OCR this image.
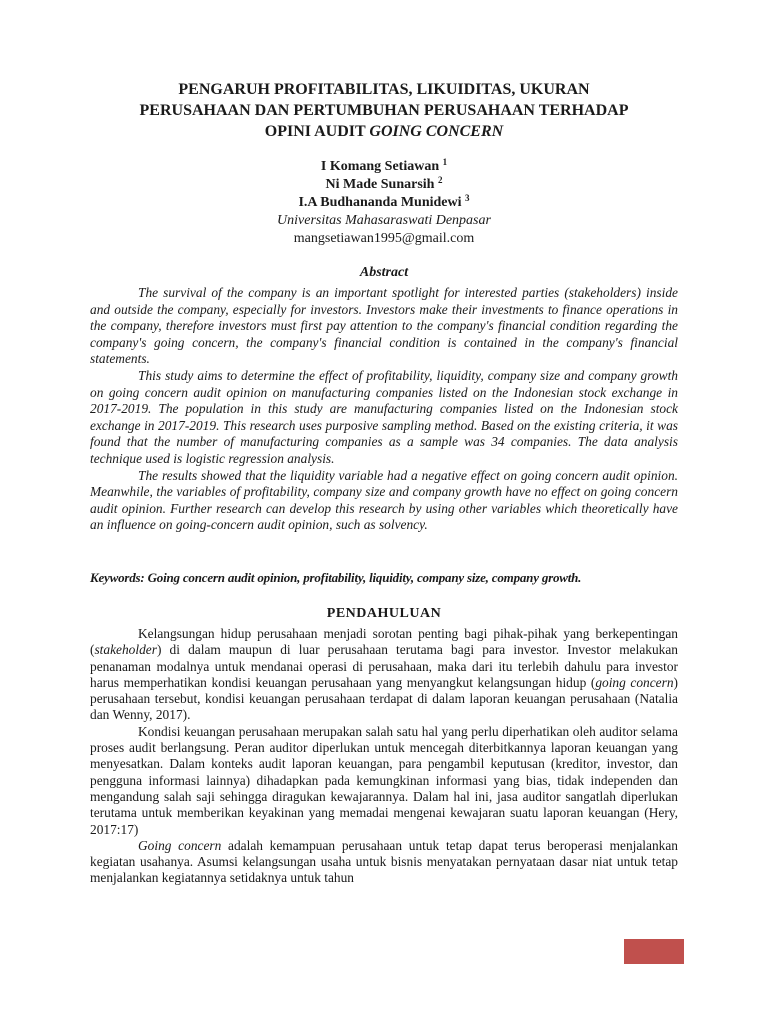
PENGARUH PROFITABILITAS, LIKUIDITAS, UKURAN
PERUSAHAAN DAN PERTUMBUHAN PERUSAHAAN TERHADAP
OPINI AUDIT GOING CONCERN
I Komang Setiawan $^1$
Ni Made Sunarsih $^2$
I.A Budhananda Munidewi $^3$
Universitas Mahasaraswati Denpasar
mangsetiawan1995@gmail.com
Abstract

The survival of the company is an important spotlight for interested parties (stakeholders) inside and outside the company, especially for investors. Investors make their investments to finance operations in the company, therefore investors must first pay attention to the company's financial condition regarding the company's going concern, the company's financial condition is contained in the company's financial statements.

This study aims to determine the effect of profitability, liquidity, company size and company growth on going concern audit opinion on manufacturing companies listed on the Indonesian stock exchange in 2017-2019. The population in this study are manufacturing companies listed on the Indonesian stock exchange in 2017-2019. This research uses purposive sampling method. Based on the existing criteria, it was found that the number of manufacturing companies as a sample was 34 companies. The data analysis technique used is logistic regression analysis.

The results showed that the liquidity variable had a negative effect on going concern audit opinion. Meanwhile, the variables of profitability, company size and company growth have no effect on going concern audit opinion. Further research can develop this research by using other variables which theoretically have an influence on going-concern audit opinion, such as solvency.

Keywords: Going concern audit opinion, profitability, liquidity, company size, company growth.
PENDAHULUAN

Kelangsungan hidup perusahaan menjadi sorotan penting bagi pihak-pihak yang berkepentingan (stakeholder) di dalam maupun di luar perusahaan terutama bagi para investor. Investor melakukan penanaman modalnya untuk mendanai operasi di perusahaan, maka dari itu terlebih dahulu para investor harus memperhatikan kondisi keuangan perusahaan yang menyangkut kelangsungan hidup (going concern) perusahaan tersebut, kondisi keuangan perusahaan terdapat di dalam laporan keuangan perusahaan (Natalia dan Wenny, 2017).

Kondisi keuangan perusahaan merupakan salah satu hal yang perlu diperhatikan oleh auditor selama proses audit berlangsung. Peran auditor diperlukan untuk mencegah diterbitkannya laporan keuangan yang menyesatkan. Dalam konteks audit laporan keuangan, para pengambil keputusan (kreditor, investor, dan pengguna informasi lainnya) dihadapkan pada kemungkinan informasi yang bias, tidak independen dan mengandung salah saji sehingga diragukan kewajarannya. Dalam hal ini, jasa auditor sangatlah diperlukan terutama untuk memberikan keyakinan yang memadai mengenai kewajaran suatu laporan keuangan (Hery, 2017:17)

Going concern adalah kemampuan perusahaan untuk tetap dapat terus beroperasi menjalankan kegiatan usahanya. Asumsi kelangsungan usaha untuk bisnis menyatakan pernyataan dasar niat untuk tetap menjalankan kegiatannya setidaknya untuk tahun
